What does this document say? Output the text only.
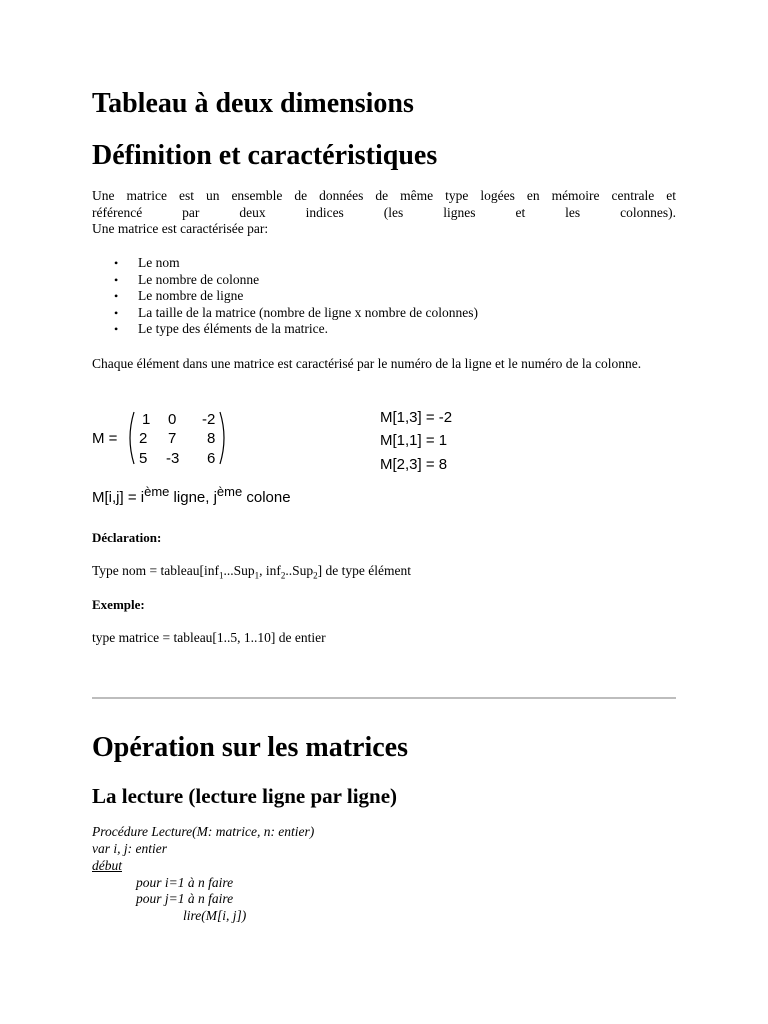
Tableau à deux dimensions
Définition et caractéristiques
Une matrice est un ensemble de données de même type logées en mémoire centrale et
référencé par deux indices (les lignes et les colonnes).
Une matrice est caractérisée par:
• Le nom
• Le nombre de colonne
• Le nombre de ligne
• La taille de la matrice (nombre de ligne x nombre de colonnes)
• Le type des éléments de la matrice.
Chaque élément dans une matrice est caractérisé par le numéro de la ligne et le numéro de la colonne.
M =
1 0 -2
2 7 8
5 -3 6
M[1,3] = -2
M[1,1] = 1
M[2,3] = 8
$M[i,j] = i^{ème}$ ligne, $j^{ème}$ colone
Déclaration:
Type nom = tableau[inf$_1$...Sup$_1$, inf$_2$..Sup$_2$] de type élément
Exemple:
type matrice = tableau[1..5, 1..10] de entier
Opération sur les matrices
La lecture (lecture ligne par ligne)
Procédure Lecture(M: matrice, n: entier)
var i, j: entier
début
pour i=1 à n faire
pour j=1 à n faire
lire(M[i, j])
